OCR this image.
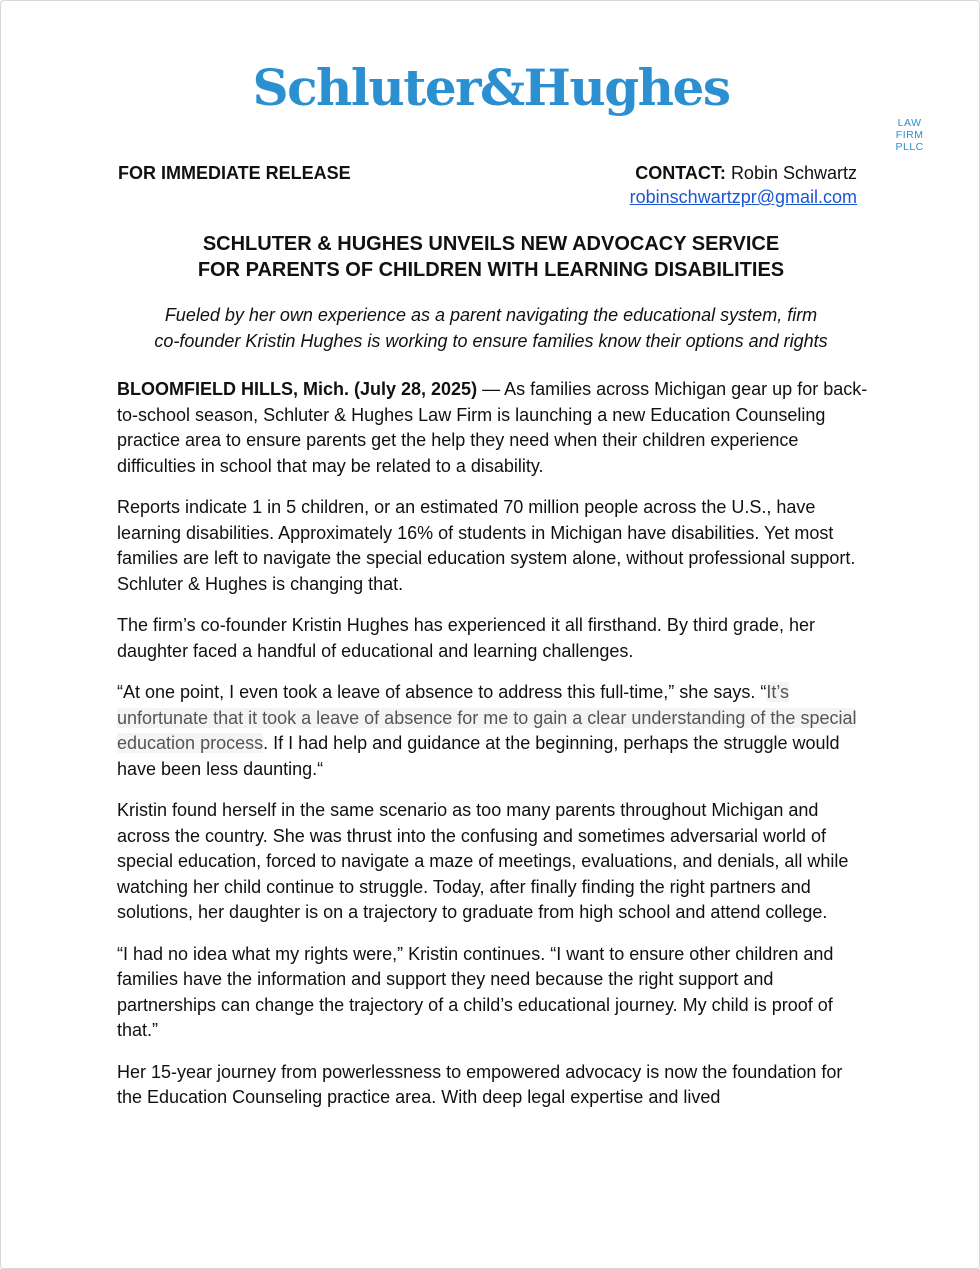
Schluter&Hughes
LAW FIRM PLLC
FOR IMMEDIATE RELEASE	CONTACT: Robin Schwartz
robinschwartzpr@gmail.com
SCHLUTER & HUGHES UNVEILS NEW ADVOCACY SERVICE
FOR PARENTS OF CHILDREN WITH LEARNING DISABILITIES
Fueled by her own experience as a parent navigating the educational system, firm
co-founder Kristin Hughes is working to ensure families know their options and rights

BLOOMFIELD HILLS, Mich. (July 28, 2025) — As families across Michigan gear up for back-to-school season, Schluter & Hughes Law Firm is launching a new Education Counseling practice area to ensure parents get the help they need when their children experience difficulties in school that may be related to a disability.

Reports indicate 1 in 5 children, or an estimated 70 million people across the U.S., have learning disabilities. Approximately 16% of students in Michigan have disabilities. Yet most families are left to navigate the special education system alone, without professional support. Schluter & Hughes is changing that.

The firm’s co-founder Kristin Hughes has experienced it all firsthand. By third grade, her daughter faced a handful of educational and learning challenges.

“At one point, I even took a leave of absence to address this full-time,” she says. “It’s unfortunate that it took a leave of absence for me to gain a clear understanding of the special education process. If I had help and guidance at the beginning, perhaps the struggle would have been less daunting.“

Kristin found herself in the same scenario as too many parents throughout Michigan and across the country. She was thrust into the confusing and sometimes adversarial world of special education, forced to navigate a maze of meetings, evaluations, and denials, all while watching her child continue to struggle. Today, after finally finding the right partners and solutions, her daughter is on a trajectory to graduate from high school and attend college.

“I had no idea what my rights were,” Kristin continues. “I want to ensure other children and families have the information and support they need because the right support and partnerships can change the trajectory of a child’s educational journey. My child is proof of that.”

Her 15-year journey from powerlessness to empowered advocacy is now the foundation for the Education Counseling practice area. With deep legal expertise and lived
